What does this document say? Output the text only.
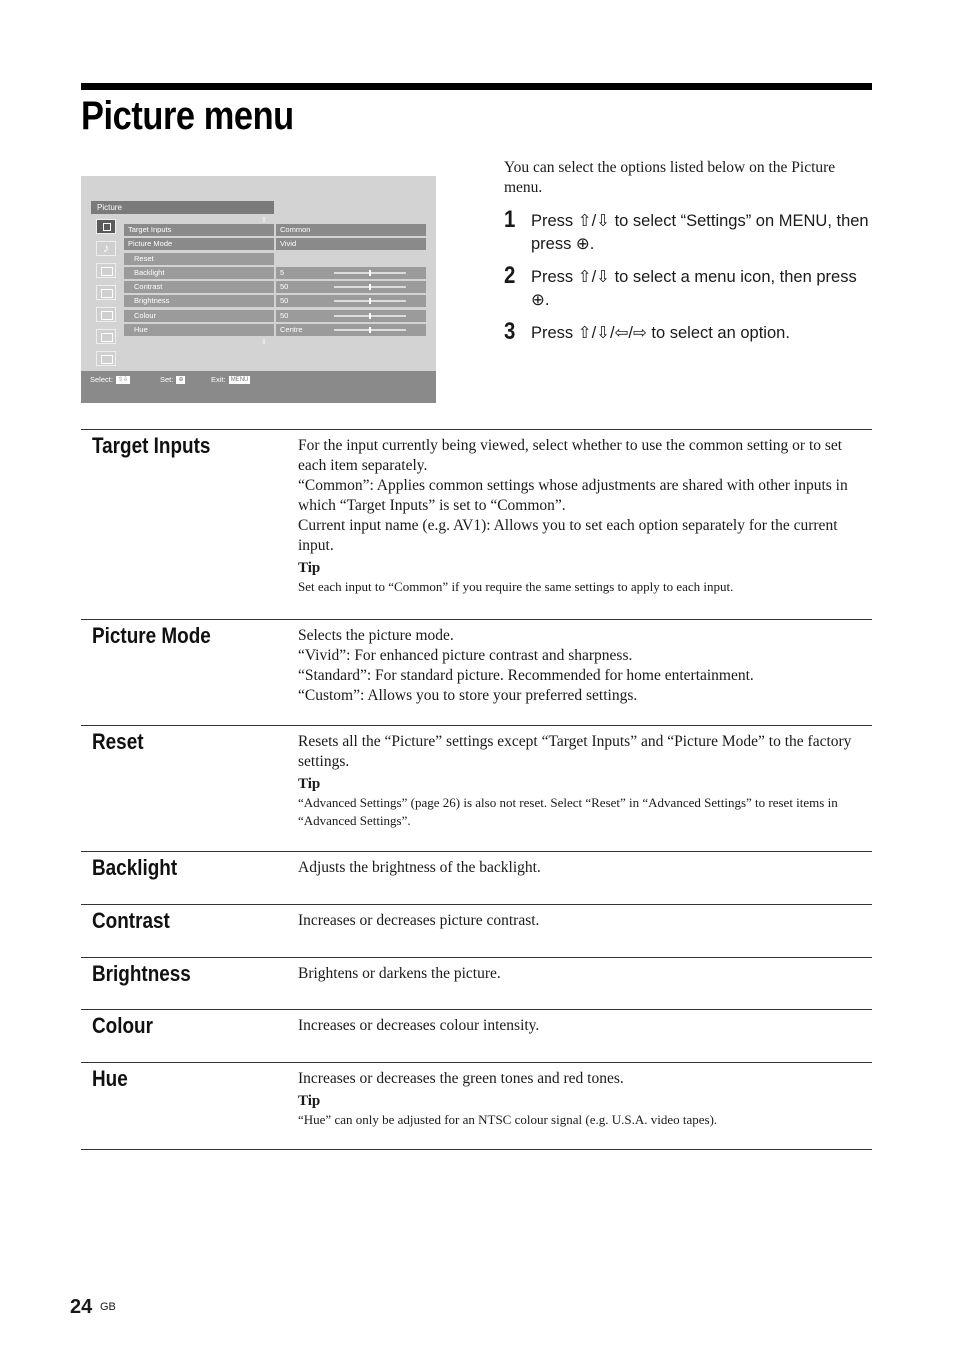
Picture menu
Picture
⇧
⇩
♪
Target Inputs	Common
Picture Mode	Vivid
Reset
Backlight	5
Contrast	50
Brightness	50
Colour	50
Hue	Centre
Select: ⇧⇩	Set: ⊕	Exit: MENU

You can select the options listed below on the Picture menu.

1 Press ⇧/⇩ to select “Settings” on MENU, then press ⊕.
2 Press ⇧/⇩ to select a menu icon, then press ⊕.
3 Press ⇧/⇩/⇦/⇨ to select an option.
Target Inputs	For the input currently being viewed, select whether to use the common setting or to set each item separately.

“Common”: Applies common settings whose adjustments are shared with other inputs in which “Target Inputs” is set to “Common”.

Current input name (e.g. AV1): Allows you to set each option separately for the current input.

Tip

Set each input to “Common” if you require the same settings to apply to each input.

Picture Mode	Selects the picture mode.

“Vivid”: For enhanced picture contrast and sharpness.

“Standard”: For standard picture. Recommended for home entertainment.

“Custom”: Allows you to store your preferred settings.

Reset	Resets all the “Picture” settings except “Target Inputs” and “Picture Mode” to the factory settings.

Tip

“Advanced Settings” (page 26) is also not reset. Select “Reset” in “Advanced Settings” to reset items in “Advanced Settings”.

Backlight	Adjusts the brightness of the backlight.

Contrast	Increases or decreases picture contrast.

Brightness	Brightens or darkens the picture.

Colour	Increases or decreases colour intensity.

Hue	Increases or decreases the green tones and red tones.

Tip

“Hue” can only be adjusted for an NTSC colour signal (e.g. U.S.A. video tapes).

24 GB
